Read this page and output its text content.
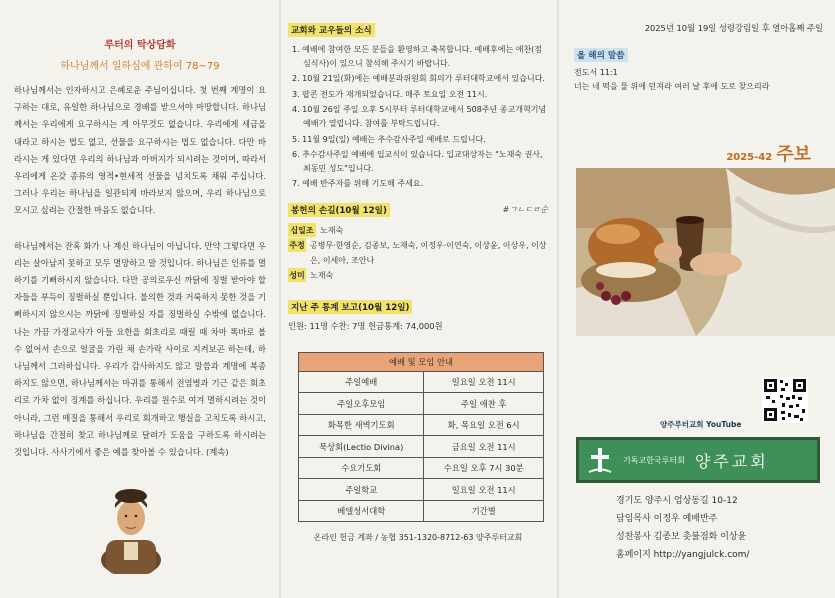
루터의 탁상담화
하나님께서 일하심에 관하여 78~79

하나님께서는 인자하시고 은혜로운 주님이십니다. 첫 번째 계명이 요구하는 대로, 유일한 하나님으로 경배를 받으셔야 마땅합니다. 하나님께서는 우리에게 요구하시는 게 아무것도 없습니다. 우리에게 세금을 내라고 하시는 법도 없고, 선물을 요구하시는 법도 없습니다. 다만 바라시는 게 있다면 우리의 하나님과 아버지가 되시려는 것이며, 따라서 우리에게 온갖 종류의 영적•현세적 선물을 넘치도록 채워 주십니다. 그러나 우리는 하나님을 일관되게 바라보지 않으며, 우리 하나님으로 모시고 싶려는 간절한 마음도 없습니다.

하나님께서는 잔혹 화가 나 계신 하나님이 아닙니다. 만약 그렇다면 우리는 살아남지 못하고 모두 멸망하고 말 것입니다. 하나님은 인류를 멸하기를 기뻐하시지 않습니다. 다만 공의로우신 까닭에 징벌 받아야 할 자들을 부득이 징벌하실 뿐입니다. 불의한 것과 거룩하지 못한 것을 기뻐하시지 않으시는 까닭에 징벌하실 자를 징벌하실 수밖에 없습니다. 나는 가끔 가정교사가 아들 요한을 회초리로 때릴 때 차마 똑바로 볼 수 없어서 손으로 얼굴을 가린 채 손가락 사이로 지켜보곤 하는데, 하나님께서 그러하십니다. 우리가 감사하지도 않고 말씀과 계명에 복종하지도 않으면, 하나님께서는 마귀를 통해서 전염병과 기근 같은 회초리로 가차 없이 징계를 하십니다. 우리를 원수로 여겨 멸하시려는 것이 아니라, 그런 매질을 통해서 우리로 회개하고 행실을 고치도록 하시고, 하나님을 간절히 찾고 하나님께로 달려가 도움을 구하도록 하시려는 것입니다. 사사기에서 좋은 예를 찾아볼 수 있습니다. (계속)

교회와 교우들의 소식
1. 예배에 참여한 모든 분들을 환영하고 축복합니다. 예배후에는 애찬(점심식사)이 있으니 참석해 주시기 바랍니다.
2. 10월 21일(화)에는 예배분과위원회 회의가 루터대학교에서 있습니다.
3. 팝콘 전도가 재개되었습니다. 매주 토요일 오전 11시.
4. 10월 26일 주일 오후 5시부터 루터대학교에서 508주년 종교개혁기념예배가 열립니다. 참여를 부탁드립니다.
5. 11월 9일(일) 예배는 추수감사주일 예배로 드립니다.
6. 추수감사주일 예배에 입교식이 있습니다. 입교대상자는 "노재숙 권사, 최동민 성도"입니다.
7. 예배 반주자를 위해 기도해 주세요.
봉헌의 손길(10월 12일)	#ㄱㄴㄷㄹ순
십일조 노재숙
주정 공병무·한영순, 김종보, 노재숙, 이정우·이연숙, 이상윤, 이상우, 이상은, 이세아, 조안나
성미 노재숙
지난 주 통계 보고(10월 12일)
인원: 11명 수찬: 7명 헌금통계: 74,000원
예배 및 모임 안내	
주일예배	일요일 오전 11시
주일오후모임	주일 애찬 후
화목한 새벽기도회	화, 목요일 오전 6시
묵상회(Lectio Divina)	금요일 오전 11시
수요기도회	수요일 오후 7시 30분
주일학교	일요일 오전 11시
베델성서대학	기간별
온라인 헌금 계좌 / 농협 351-1320-8712-63 양주루터교회
2025년 10월 19일 성령강림일 후 열아홉째 주일
올 해의 말씀
전도서 11:1
너는 네 떡을 물 위에 던져라 여러 날 후에 도로 찾으리라
2025-42 주보
양주루터교회 YouTube
기독교한국루터회 양주교회
경기도 양주시 엄상동길 10-12
담임목사 이정우 예배반주
성찬봉사 김종보 촛불점화 이상윤
홈페이지 http://yangjulck.com/
